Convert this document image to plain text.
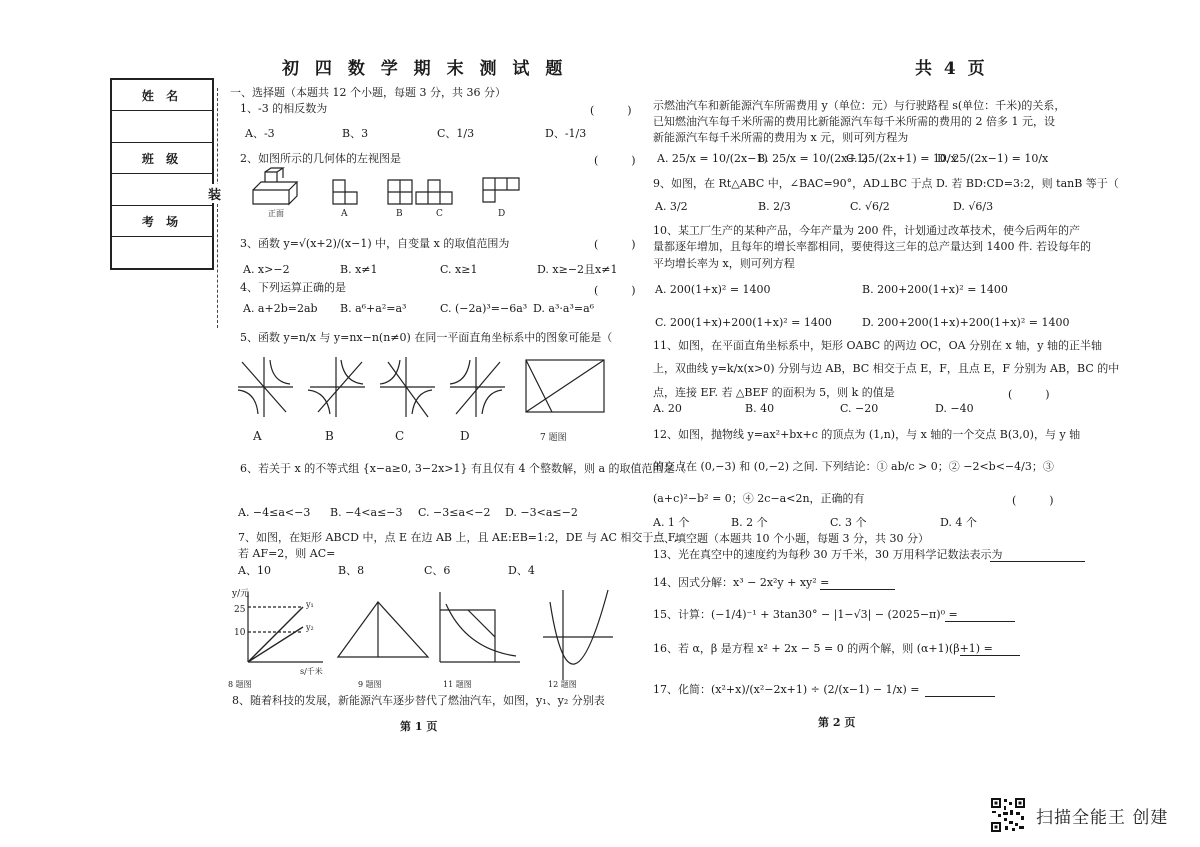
姓 名
班 级
考 场
装
初 四 数 学 期 末 测 试 题	共 4 页
一、选择题（本题共 12 个小题，每题 3 分，共 36 分）
1、-3 的相反数为	(　　　)
A、-3	B、3	C、1/3	D、-1/3
2、如图所示的几何体的左视图是	(　　　)
正面	A	B	C	D
3、函数 y=√(x+2)/(x−1) 中，自变量 x 的取值范围为	(　　　)
A. x>−2	B. x≠1	C. x≥1	D. x≥−2且x≠1
4、下列运算正确的是	(　　　)
A. a+2b=2ab B. a⁶+a²=a³	C. (−2a)³=−6a³ D. a³·a³=a⁶
5、函数 y=n/x 与 y=nx−n(n≠0) 在同一平面直角坐标系中的图象可能是（
A	B	C	D	7 题图
6、若关于 x 的不等式组 {x−a≥0, 3−2x>1} 有且仅有 4 个整数解，则 a 的取值范围是（
A. −4≤a<−3 B. −4<a≤−3 C. −3≤a<−2 D. −3<a≤−2
7、如图，在矩形 ABCD 中，点 E 在边 AB 上，且 AE:EB=1:2，DE 与 AC 相交于点 F,
若 AF=2，则 AC=
A、10	B、8	C、6	D、4
y/元
25
10
y₁
y₂
s/千米
8 题图	9 题图	11 题图	12 题图
8、随着科技的发展，新能源汽车逐步替代了燃油汽车，如图，y₁、y₂ 分别表
第 1 页
示燃油汽车和新能源汽车所需费用 y（单位：元）与行驶路程 s(单位：千米)的关系，
已知燃油汽车每千米所需的费用比新能源汽车每千米所需的费用的 2 倍多 1 元，设
新能源汽车每千米所需的费用为 x 元，则可列方程为
A. 25/x = 10/(2x−1)
B. 25/x = 10/(2x+1)
C. 25/(2x+1) = 10/x
D. 25/(2x−1) = 10/x
9、如图，在 Rt△ABC 中，∠BAC=90°，AD⊥BC 于点 D. 若 BD:CD=3:2，则 tanB 等于（
A. 3/2	B. 2/3	C. √6/2	D. √6/3
10、某工厂生产的某种产品，今年产量为 200 件，计划通过改革技术，使今后两年的产
量都逐年增加，且每年的增长率都相同，要使得这三年的总产量达到 1400 件. 若设每年的
平均增长率为 x，则可列方程
A. 200(1+x)² = 1400	B. 200+200(1+x)² = 1400
C. 200(1+x)+200(1+x)² = 1400	D. 200+200(1+x)+200(1+x)² = 1400
11、如图，在平面直角坐标系中，矩形 OABC 的两边 OC，OA 分别在 x 轴，y 轴的正半轴
上，双曲线 y=k/x(x>0) 分别与边 AB，BC 相交于点 E，F，且点 E，F 分别为 AB，BC 的中
点，连接 EF. 若 △BEF 的面积为 5，则 k 的值是	(　　　)
A. 20	B. 40	C. −20	D. −40
12、如图，抛物线 y=ax²+bx+c 的顶点为 (1,n)，与 x 轴的一个交点 B(3,0)，与 y 轴
的交点在 (0,−3) 和 (0,−2) 之间. 下列结论：① ab/c > 0；② −2<b<−4/3；③
(a+c)²−b² = 0；④ 2c−a<2n，正确的有	(　　　)
A. 1 个	B. 2 个	C. 3 个	D. 4 个
二、填空题（本题共 10 个小题，每题 3 分，共 30 分）
13、光在真空中的速度约为每秒 30 万千米，30 万用科学记数法表示为
14、因式分解：x³ − 2x²y + xy² =
15、计算：(−1/4)⁻¹ + 3tan30° − |1−√3| − (2025−π)⁰ =
16、若 α，β 是方程 x² + 2x − 5 = 0 的两个解，则 (α+1)(β+1) =
17、化简：(x²+x)/(x²−2x+1) ÷ (2/(x−1) − 1/x) =
第 2 页
扫描全能王 创建
